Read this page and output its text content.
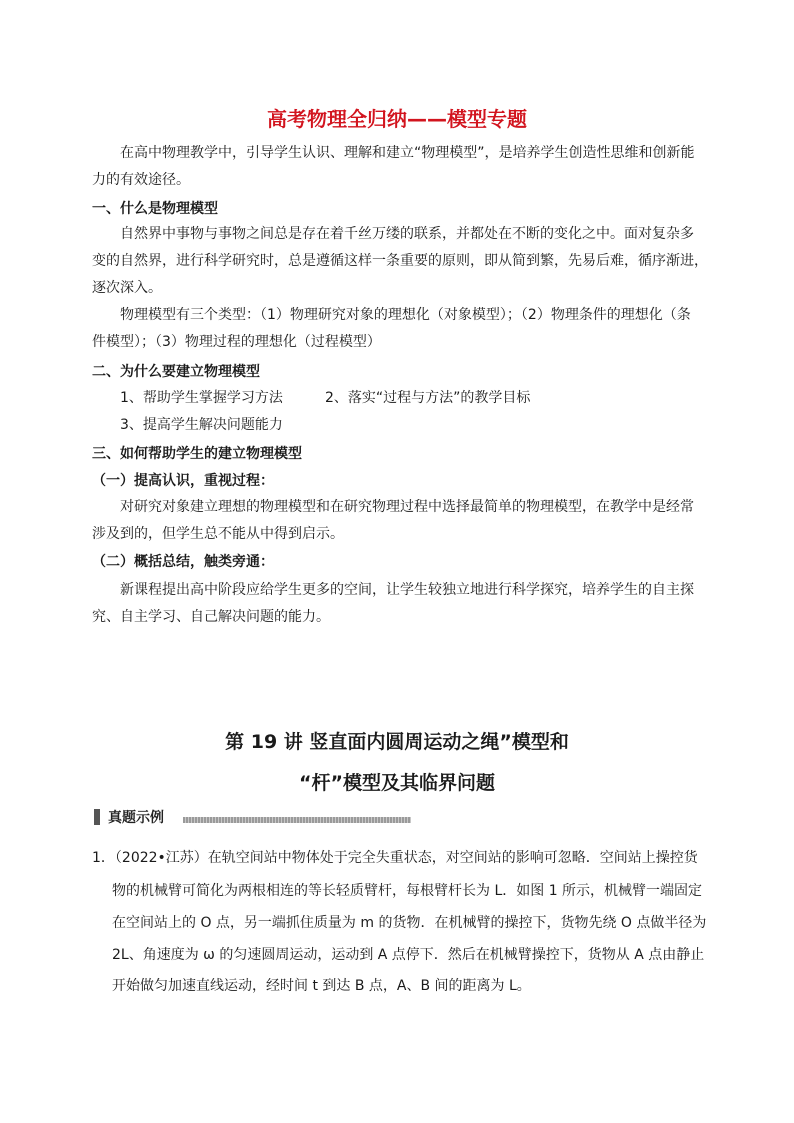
高考物理全归纳——模型专题
在高中物理教学中，引导学生认识、理解和建立“物理模型”，是培养学生创造性思维和创新能
力的有效途径。
一、什么是物理模型
自然界中事物与事物之间总是存在着千丝万缕的联系，并都处在不断的变化之中。面对复杂多
变的自然界，进行科学研究时，总是遵循这样一条重要的原则，即从简到繁，先易后难，循序渐进，
逐次深入。
物理模型有三个类型：（1）物理研究对象的理想化（对象模型）；（2）物理条件的理想化（条
件模型）；（3）物理过程的理想化（过程模型）
二、为什么要建立物理模型
1、帮助学生掌握学习方法	2、落实“过程与方法”的教学目标
3、提高学生解决问题能力
三、如何帮助学生的建立物理模型
（一）提高认识，重视过程：
对研究对象建立理想的物理模型和在研究物理过程中选择最简单的物理模型，在教学中是经常
涉及到的，但学生总不能从中得到启示。
（二）概括总结，触类旁通：
新课程提出高中阶段应给学生更多的空间，让学生较独立地进行科学探究，培养学生的自主探
究、自主学习、自己解决问题的能力。
第 19 讲 竖直面内圆周运动之绳”模型和
“杆”模型及其临界问题
真题示例
1．（2022•江苏）在轨空间站中物体处于完全失重状态，对空间站的影响可忽略．空间站上操控货
物的机械臂可简化为两根相连的等长轻质臂杆，每根臂杆长为 L．如图 1 所示，机械臂一端固定
在空间站上的 O 点，另一端抓住质量为 m 的货物．在机械臂的操控下，货物先绕 O 点做半径为
2L、角速度为 ω 的匀速圆周运动，运动到 A 点停下．然后在机械臂操控下，货物从 A 点由静止
开始做匀加速直线运动，经时间 t 到达 B 点，A、B 间的距离为 L。
